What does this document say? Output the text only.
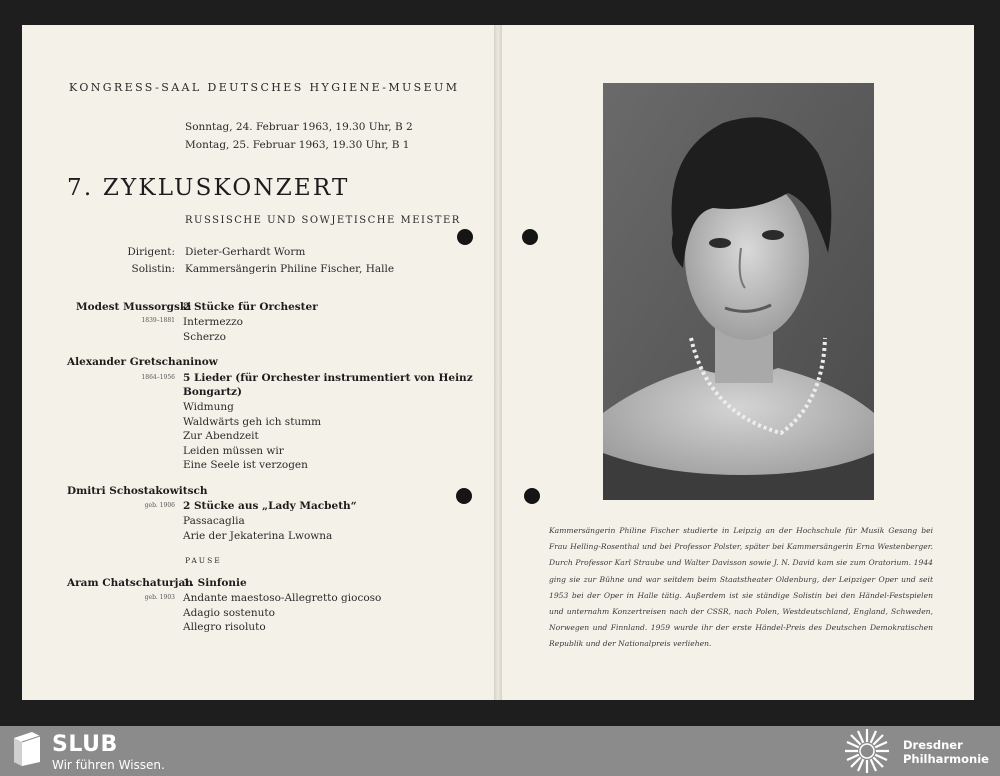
KONGRESS-SAAL DEUTSCHES HYGIENE-MUSEUM
Sonntag, 24. Februar 1963, 19.30 Uhr, B 2
Montag, 25. Februar 1963, 19.30 Uhr, B 1
7. ZYKLUSKONZERT
RUSSISCHE UND SOWJETISCHE MEISTER
Dirigent: Dieter-Gerhardt Worm
Solistin: Kammersängerin Philine Fischer, Halle
Modest Mussorgski
1839–1881
2 Stücke für Orchester
Intermezzo
Scherzo
Alexander Gretschaninow
1864–1956 5 Lieder (für Orchester instrumentiert von Heinz
Bongartz)
Widmung
Waldwärts geh ich stumm
Zur Abendzeit
Leiden müssen wir
Eine Seele ist verzogen
Dmitri Schostakowitsch
geb. 1906 2 Stücke aus „Lady Macbeth“
Passacaglia
Arie der Jekaterina Lwowna
PAUSE
Aram Chatschaturjan
geb. 1903
1. Sinfonie
Andante maestoso-Allegretto giocoso
Adagio sostenuto
Allegro risoluto
Kammersängerin Philine Fischer studierte in Leipzig an der Hochschule für Musik Gesang bei Frau Helling-Rosenthal und bei Professor Polster, später bei Kammersängerin Erna Westenberger. Durch Professor Karl Straube und Walter Davisson sowie J. N. David kam sie zum Oratorium. 1944 ging sie zur Bühne und war seitdem beim Staatstheater Oldenburg, der Leipziger Oper und seit 1953 bei der Oper in Halle tätig. Außerdem ist sie ständige Solistin bei den Händel-Festspielen und unternahm Konzertreisen nach der CSSR, nach Polen, Westdeutschland, England, Schweden, Norwegen und Finnland. 1959 wurde ihr der erste Händel-Preis des Deutschen Demokratischen Republik und der Nationalpreis verliehen.
SLUB
Wir führen Wissen.
Dresdner
Philharmonie
